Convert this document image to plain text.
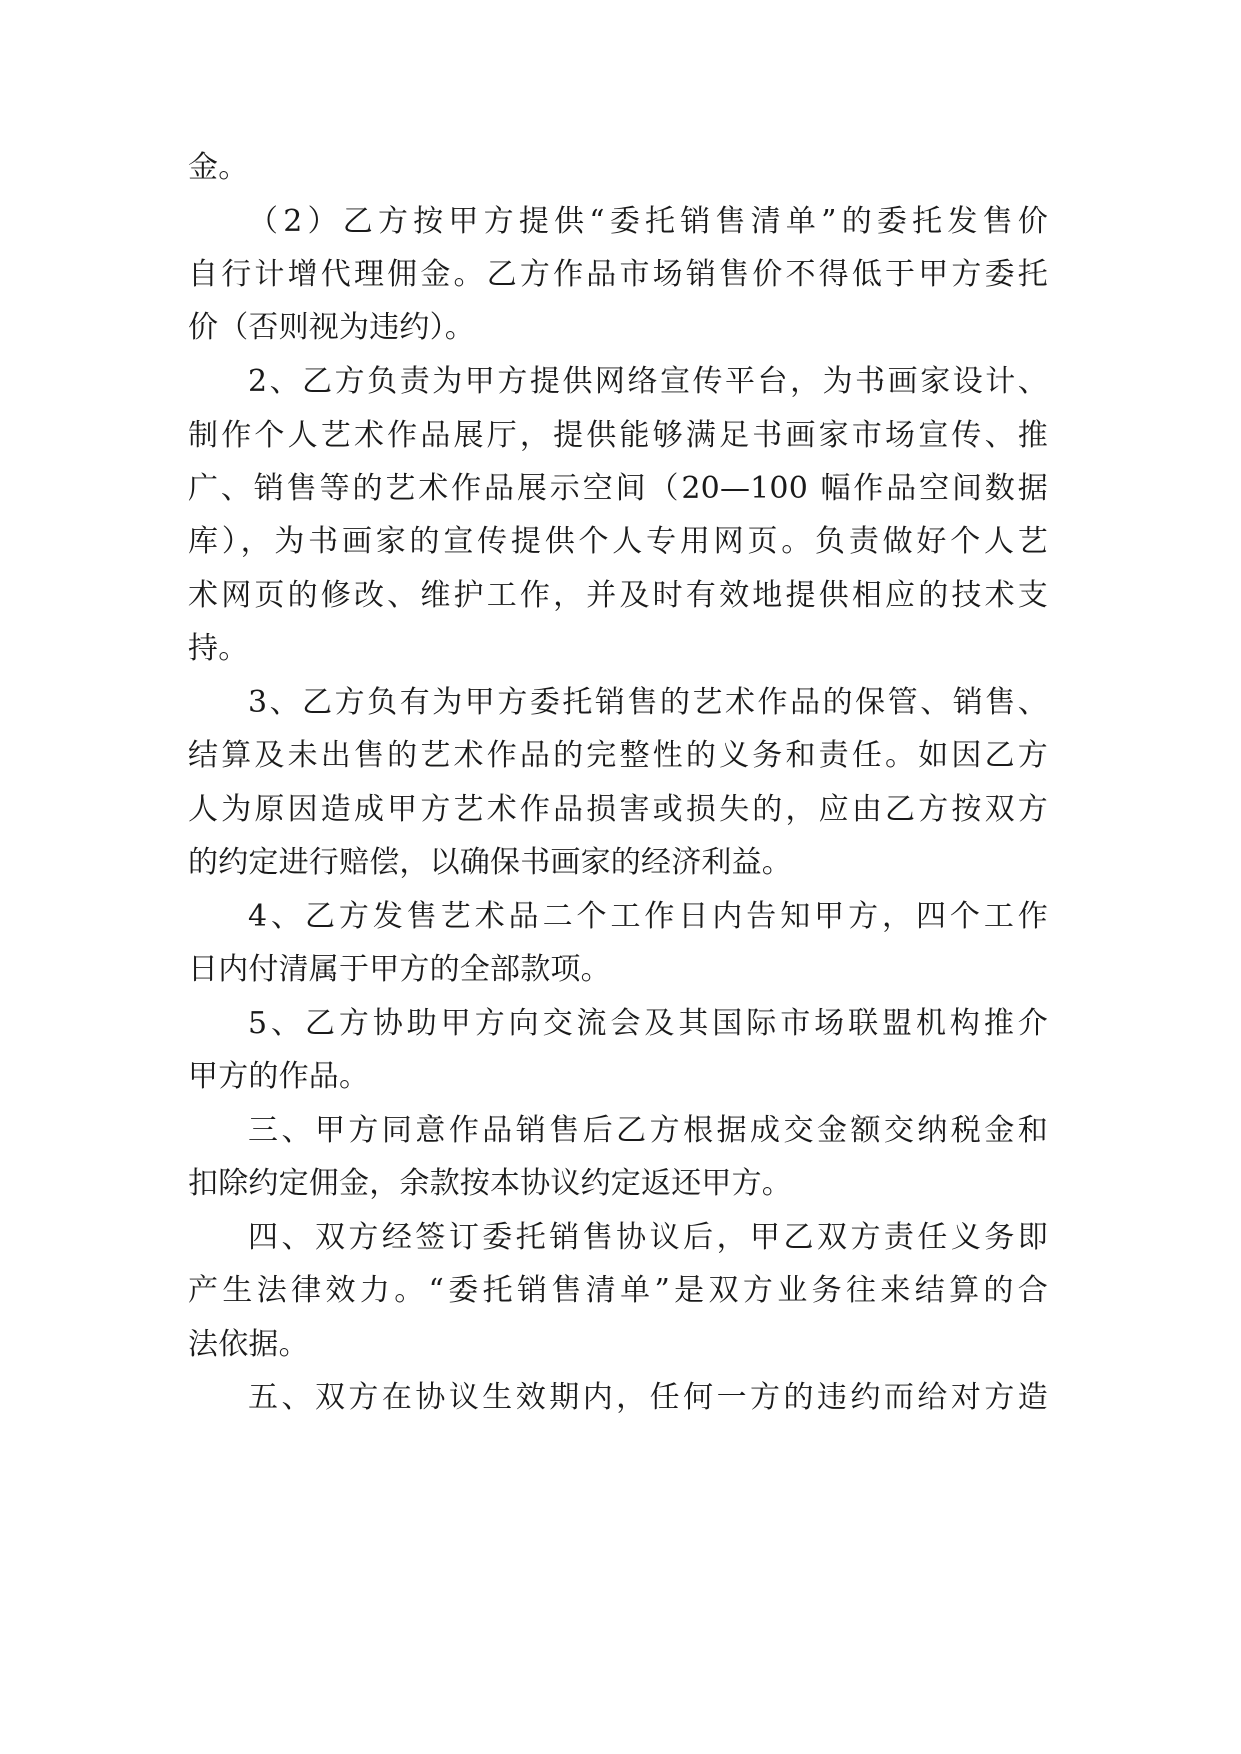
金。
（2）乙方按甲方提供“委托销售清单”的委托发售价
自行计增代理佣金。乙方作品市场销售价不得低于甲方委托
价（否则视为违约）。
2、乙方负责为甲方提供网络宣传平台，为书画家设计、
制作个人艺术作品展厅，提供能够满足书画家市场宣传、推
广、销售等的艺术作品展示空间（20—100 幅作品空间数据
库），为书画家的宣传提供个人专用网页。负责做好个人艺
术网页的修改、维护工作，并及时有效地提供相应的技术支
持。
3、乙方负有为甲方委托销售的艺术作品的保管、销售、
结算及未出售的艺术作品的完整性的义务和责任。如因乙方
人为原因造成甲方艺术作品损害或损失的，应由乙方按双方
的约定进行赔偿，以确保书画家的经济利益。
4、乙方发售艺术品二个工作日内告知甲方，四个工作
日内付清属于甲方的全部款项。
5、乙方协助甲方向交流会及其国际市场联盟机构推介
甲方的作品。
三、甲方同意作品销售后乙方根据成交金额交纳税金和
扣除约定佣金，余款按本协议约定返还甲方。
四、双方经签订委托销售协议后，甲乙双方责任义务即
产生法律效力。“委托销售清单”是双方业务往来结算的合
法依据。
五、双方在协议生效期内，任何一方的违约而给对方造
